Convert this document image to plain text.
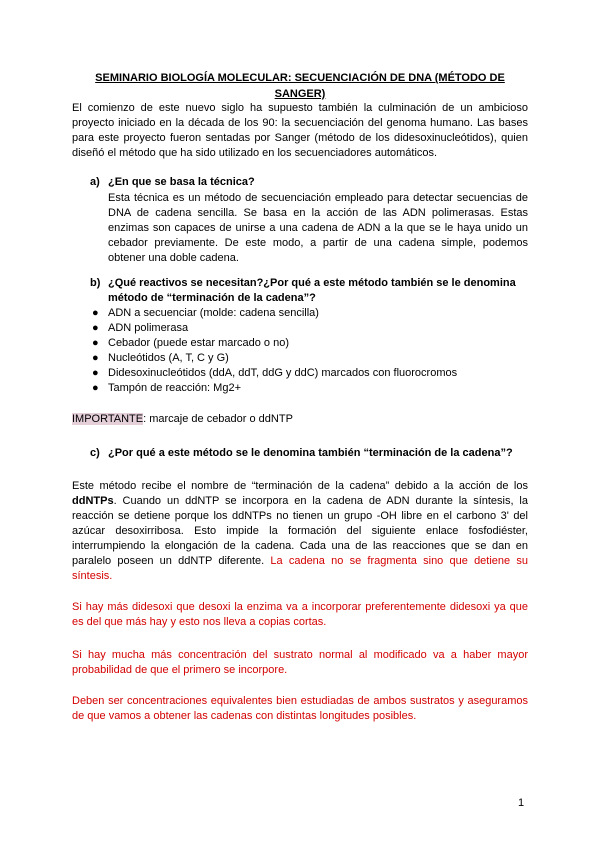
SEMINARIO BIOLOGÍA MOLECULAR: SECUENCIACIÓN DE DNA (MÉTODO DE
SANGER)
El comienzo de este nuevo siglo ha supuesto también la culminación de un ambicioso proyecto iniciado en la década de los 90: la secuenciación del genoma humano. Las bases para este proyecto fueron sentadas por Sanger (método de los didesoxinucleótidos), quien diseñó el método que ha sido utilizado en los secuenciadores automáticos.
a) ¿En que se basa la técnica?
Esta técnica es un método de secuenciación empleado para detectar secuencias de DNA de cadena sencilla. Se basa en la acción de las ADN polimerasas. Estas enzimas son capaces de unirse a una cadena de ADN a la que se le haya unido un cebador previamente. De este modo, a partir de una cadena simple, podemos obtener una doble cadena.
b) ¿Qué reactivos se necesitan?¿Por qué a este método también se le denomina método de “terminación de la cadena”?
● ADN a secuenciar (molde: cadena sencilla)
● ADN polimerasa
● Cebador (puede estar marcado o no)
● Nucleótidos (A, T, C y G)
● Didesoxinucleótidos (ddA, ddT, ddG y ddC) marcados con fluorocromos
● Tampón de reacción: Mg2+
IMPORTANTE: marcaje de cebador o ddNTP
c) ¿Por qué a este método se le denomina también “terminación de la cadena”?
Este método recibe el nombre de “terminación de la cadena” debido a la acción de los ddNTPs. Cuando un ddNTP se incorpora en la cadena de ADN durante la síntesis, la reacción se detiene porque los ddNTPs no tienen un grupo -OH libre en el carbono 3' del azúcar desoxirribosa. Esto impide la formación del siguiente enlace fosfodiéster, interrumpiendo la elongación de la cadena. Cada una de las reacciones que se dan en paralelo poseen un ddNTP diferente. La cadena no se fragmenta sino que detiene su síntesis.
Si hay más didesoxi que desoxi la enzima va a incorporar preferentemente didesoxi ya que es del que más hay y esto nos lleva a copias cortas.
Si hay mucha más concentración del sustrato normal al modificado va a haber mayor probabilidad de que el primero se incorpore.
Deben ser concentraciones equivalentes bien estudiadas de ambos sustratos y aseguramos de que vamos a obtener las cadenas con distintas longitudes posibles.
1
